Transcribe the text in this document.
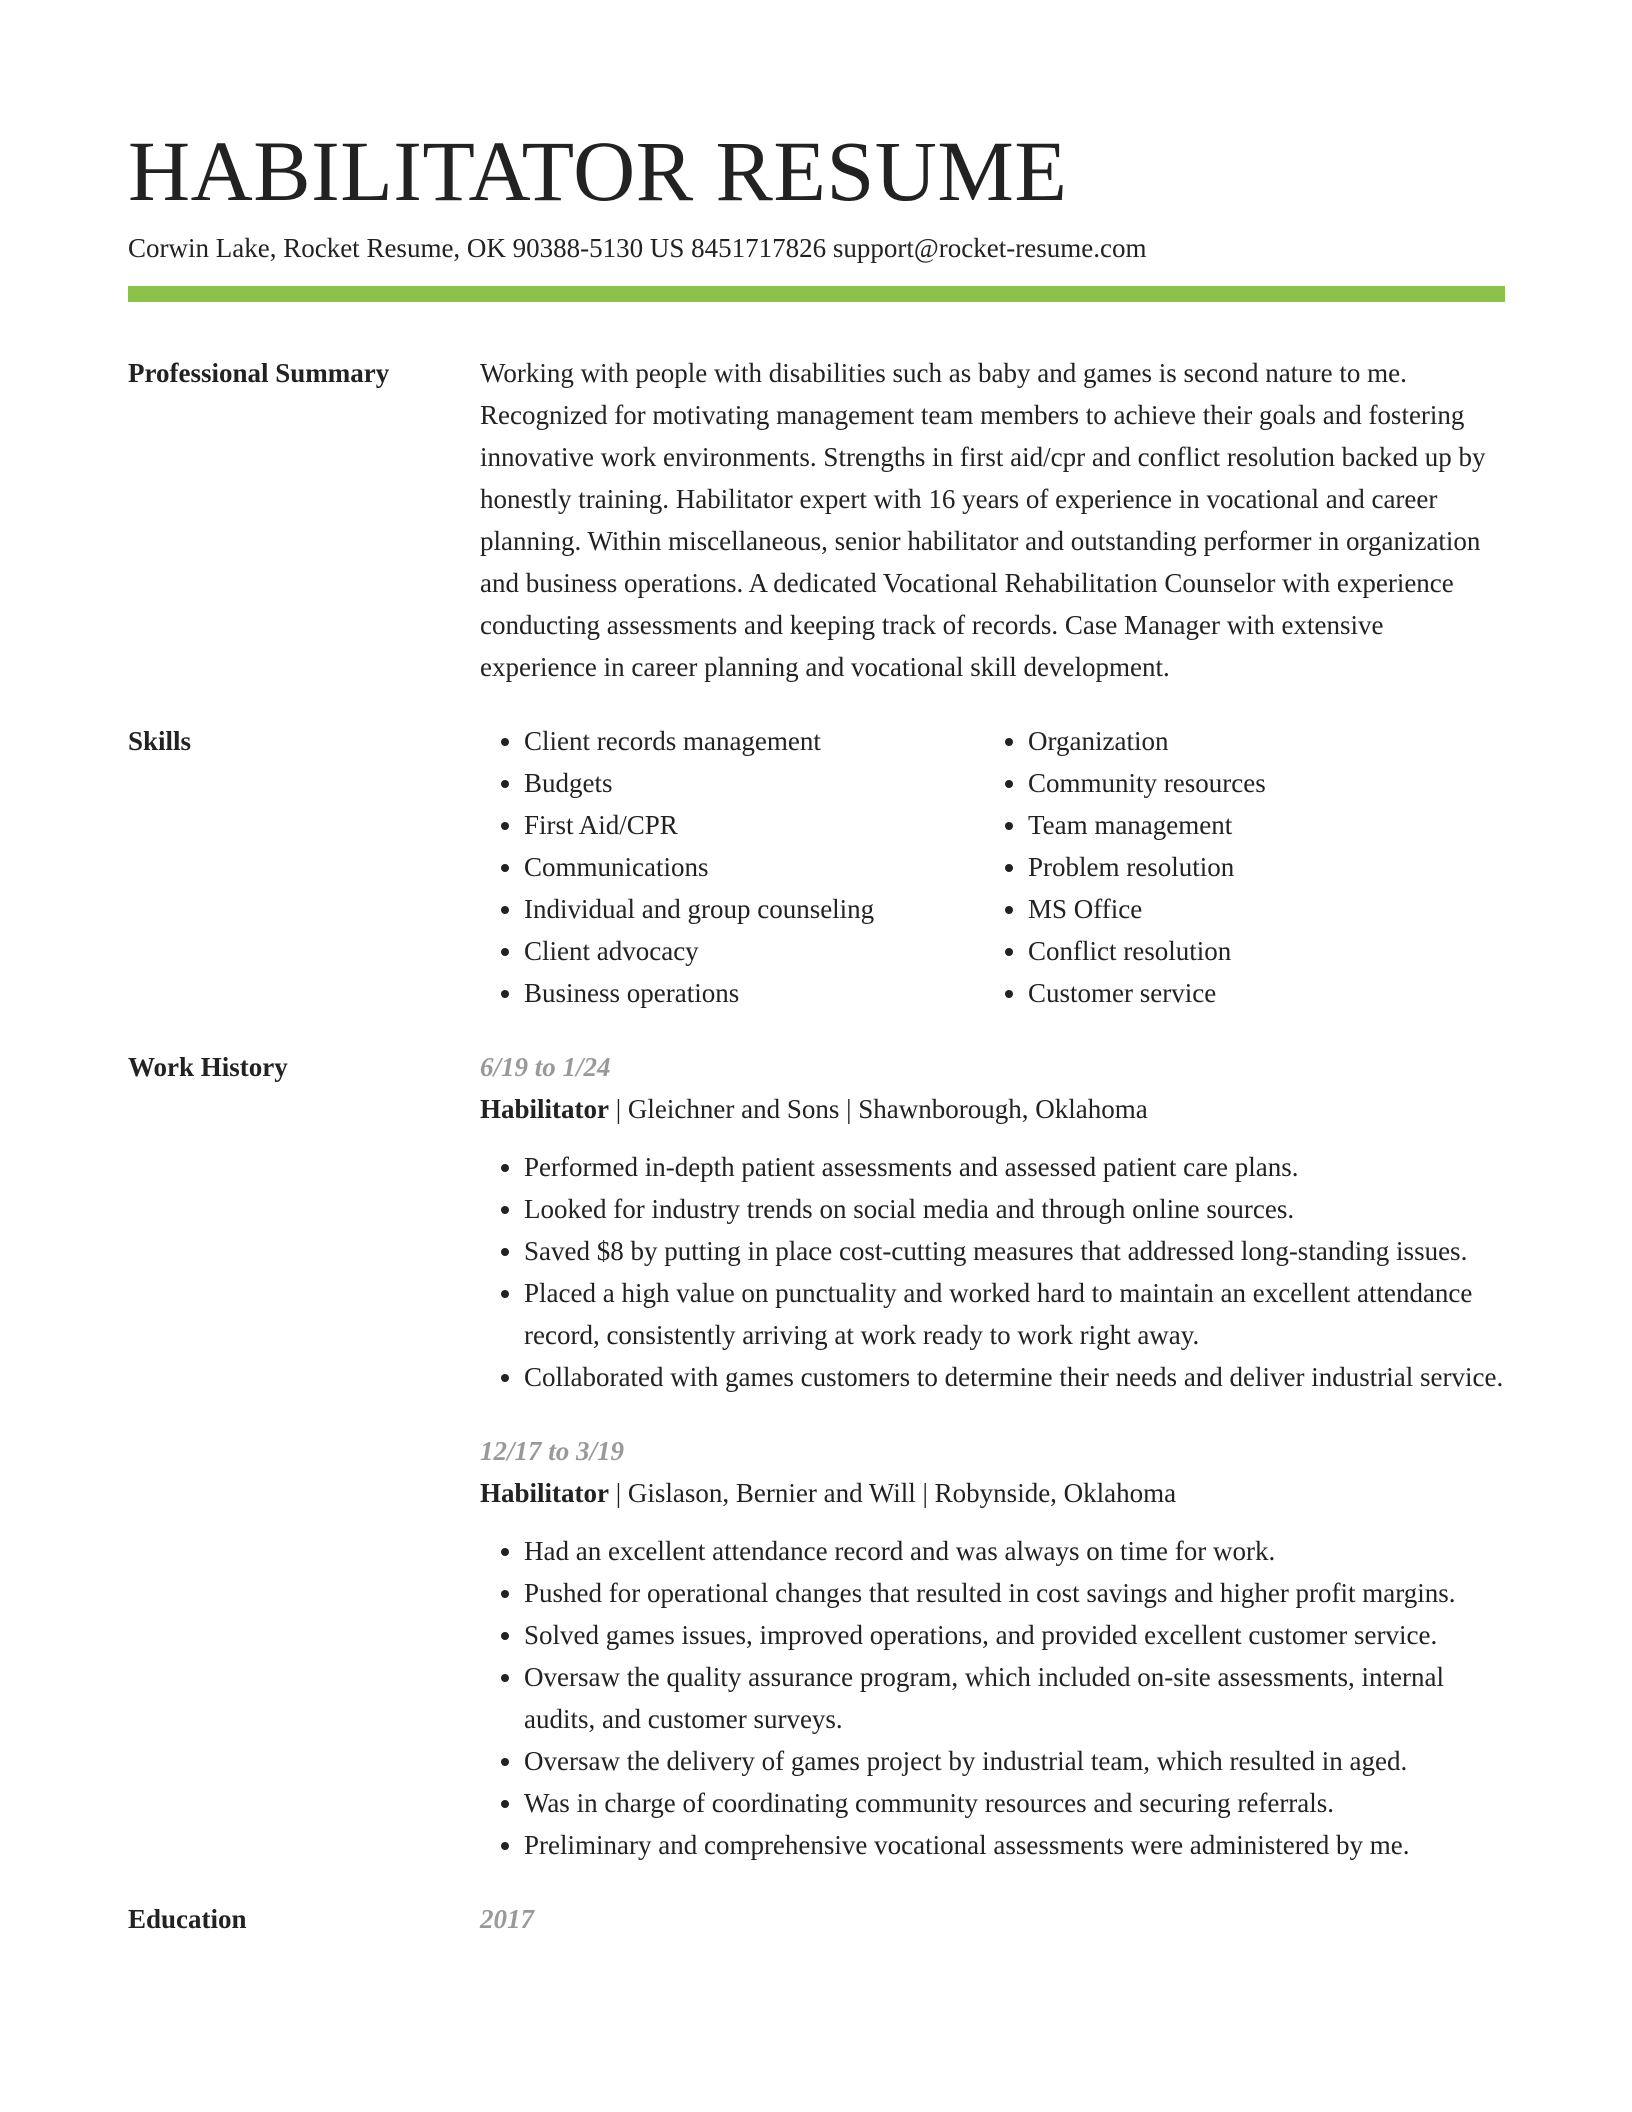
HABILITATOR RESUME
Corwin Lake, Rocket Resume, OK 90388-5130 US 8451717826 support@rocket-resume.com
Professional Summary	Working with people with disabilities such as baby and games is second nature to me. Recognized for motivating management team members to achieve their goals and fostering innovative work environments. Strengths in first aid/cpr and conflict resolution backed up by honestly training. Habilitator expert with 16 years of experience in vocational and career planning. Within miscellaneous, senior habilitator and outstanding performer in organization and business operations. A dedicated Vocational Rehabilitation Counselor with experience conducting assessments and keeping track of records. Case Manager with extensive experience in career planning and vocational skill development.
Skills
•	Client records management
• Budgets
• First Aid/CPR
• Communications
• Individual and group counseling
• Client advocacy
• Business operations
• Organization
• Community resources
• Team management
• Problem resolution
• MS Office
• Conflict resolution
• Customer service
Work History	6/19 to 1/24
Habilitator | Gleichner and Sons | Shawnborough, Oklahoma
• Performed in-depth patient assessments and assessed patient care plans.
• Looked for industry trends on social media and through online sources.
• Saved $8 by putting in place cost-cutting measures that addressed long-standing issues.
• Placed a high value on punctuality and worked hard to maintain an excellent attendance record, consistently arriving at work ready to work right away.
• Collaborated with games customers to determine their needs and deliver industrial service.
12/17 to 3/19
Habilitator | Gislason, Bernier and Will | Robynside, Oklahoma
• Had an excellent attendance record and was always on time for work.
• Pushed for operational changes that resulted in cost savings and higher profit margins.
• Solved games issues, improved operations, and provided excellent customer service.
• Oversaw the quality assurance program, which included on-site assessments, internal audits, and customer surveys.
• Oversaw the delivery of games project by industrial team, which resulted in aged.
• Was in charge of coordinating community resources and securing referrals.
• Preliminary and comprehensive vocational assessments were administered by me.
Education	2017
